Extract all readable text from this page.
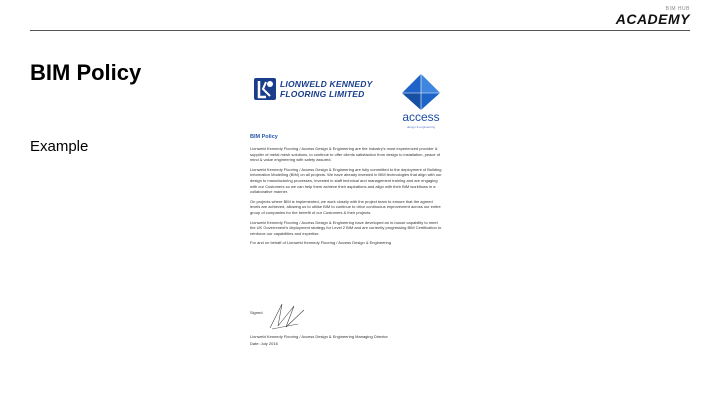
BIM HUB
ACADEMY
BIM Policy
Example
LIONWELD KENNEDY
FLOORING LIMITED
access
design & engineering
BIM Policy

Lionweld Kennedy Flooring / Access Design & Engineering are the industry's most experienced provider & supplier of metal mesh solutions, to continue to offer clients satisfaction from design to installation, peace of mind & value engineering with safety assured.

Lionweld Kennedy Flooring / Access Design & Engineering are fully committed to the deployment of Building Information Modelling (BIM) on all projects. We have already invested in BIM technologies that align with our design to manufacturing processes, invested in staff technical and management training and are engaging with our Customers so we can help them achieve their aspirations and align with their BIM workflows in a collaborative manner.

On projects where BIM is implemented, we work closely with the project team to ensure that the agreed levels are achieved, allowing us to utilise BIM to continue to drive continuous improvement across our entire group of companies for the benefit of our Customers & their projects.

Lionweld Kennedy Flooring / Access Design & Engineering have developed an in-house capability to meet the UK Government's deployment strategy for Level 2 BIM and are currently progressing BIM Certification to reinforce our capabilities and expertise.

For and on behalf of Lionweld Kennedy Flooring / Access Design & Engineering

Signed
Lionweld Kennedy Flooring / Access Design & Engineering Managing Director
Date: July 2016
